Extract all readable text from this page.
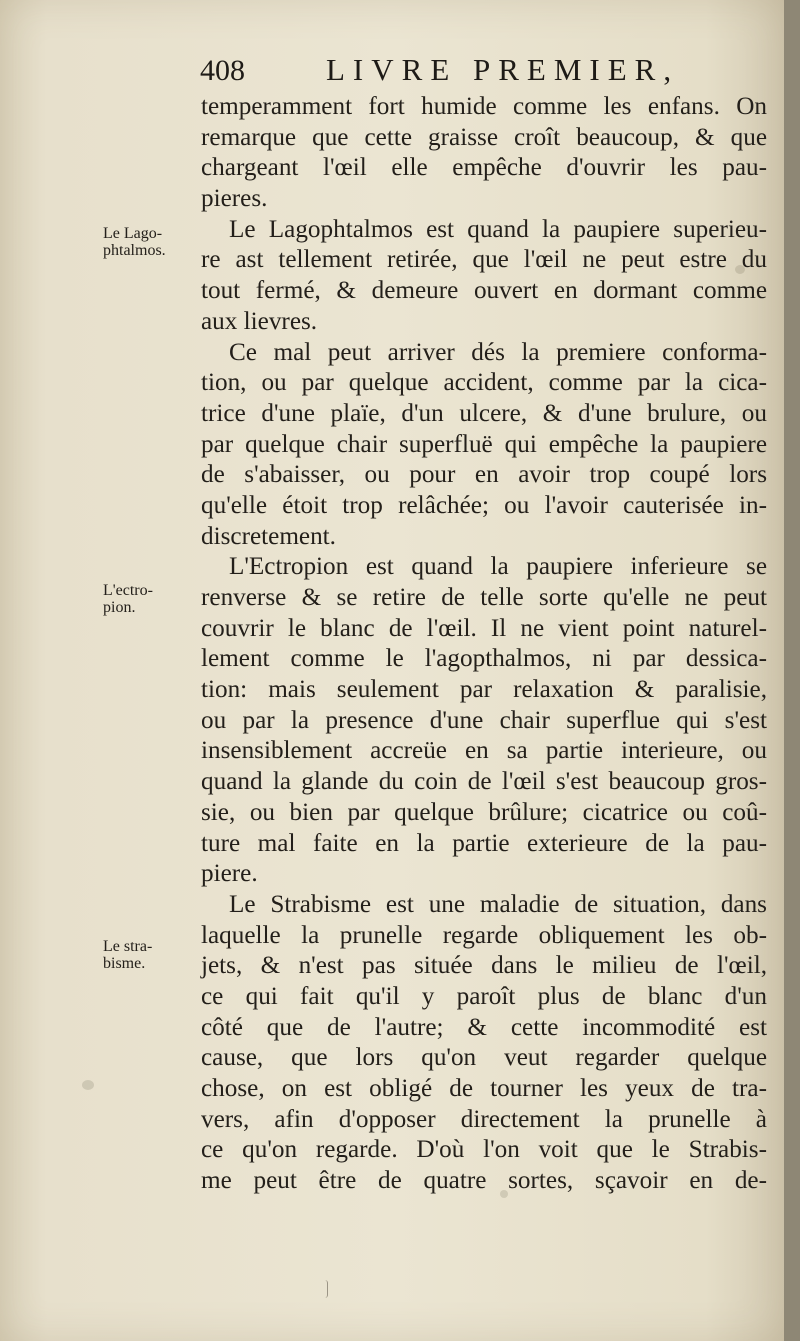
408	LIVRE PREMIER,
Le Lago-
phtalmos.
L'ectro-
pion.
Le stra-
bisme.
temperamment fort humide comme les enfans. On
remarque que cette graisse croît beaucoup, & que
chargeant l'œil elle empêche d'ouvrir les pau-
pieres.
Le Lagophtalmos est quand la paupiere superieu-
re ast tellement retirée, que l'œil ne peut estre du
tout fermé, & demeure ouvert en dormant comme
aux lievres.
Ce mal peut arriver dés la premiere conforma-
tion, ou par quelque accident, comme par la cica-
trice d'une plaïe, d'un ulcere, & d'une brulure, ou
par quelque chair superfluë qui empêche la paupiere
de s'abaisser, ou pour en avoir trop coupé lors
qu'elle étoit trop relâchée; ou l'avoir cauterisée in-
discretement.
L'Ectropion est quand la paupiere inferieure se
renverse & se retire de telle sorte qu'elle ne peut
couvrir le blanc de l'œil. Il ne vient point naturel-
lement comme le l'agopthalmos, ni par dessica-
tion: mais seulement par relaxation & paralisie,
ou par la presence d'une chair superflue qui s'est
insensiblement accreüe en sa partie interieure, ou
quand la glande du coin de l'œil s'est beaucoup gros-
sie, ou bien par quelque brûlure; cicatrice ou coû-
ture mal faite en la partie exterieure de la pau-
piere.
Le Strabisme est une maladie de situation, dans
laquelle la prunelle regarde obliquement les ob-
jets, & n'est pas située dans le milieu de l'œil,
ce qui fait qu'il y paroît plus de blanc d'un
côté que de l'autre; & cette incommodité est
cause, que lors qu'on veut regarder quelque
chose, on est obligé de tourner les yeux de tra-
vers, afin d'opposer directement la prunelle à
ce qu'on regarde. D'où l'on voit que le Strabis-
me peut être de quatre sortes, sçavoir en de-
